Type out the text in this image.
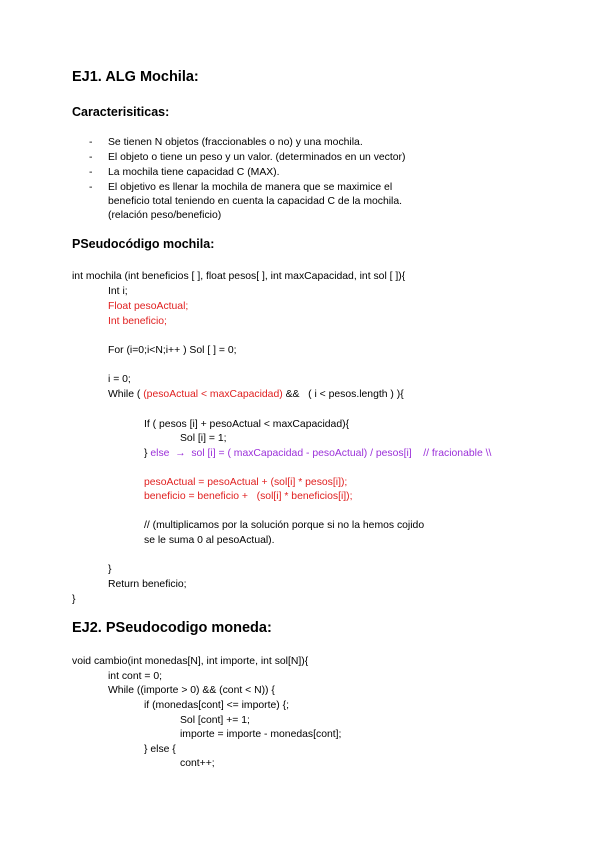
EJ1. ALG Mochila:
Caracterisiticas:
- Se tienen N objetos (fraccionables o no) y una mochila.
- El objeto o tiene un peso y un valor. (determinados en un vector)
- La mochila tiene capacidad C (MAX).
- El objetivo es llenar la mochila de manera que se maximice el
beneficio total teniendo en cuenta la capacidad C de la mochila.
(relación peso/beneficio)
PSeudocódigo mochila:
int mochila (int beneficios [ ], float pesos[ ], int maxCapacidad, int sol [ ]){
Int i;
Float pesoActual;
Int beneficio;
For (i=0;i<N;i++ ) Sol [ ] = 0;
i = 0;
While ( (pesoActual < maxCapacidad) &&   ( i < pesos.length ) ){
If ( pesos [i] + pesoActual < maxCapacidad){
Sol [i] = 1;
} else  →  sol [i] = ( maxCapacidad - pesoActual) / pesos[i]    // fracionable \\
pesoActual = pesoActual + (sol[i] * pesos[i]);
beneficio = beneficio +   (sol[i] * beneficios[i]);
// (multiplicamos por la solución porque si no la hemos cojido
se le suma 0 al pesoActual).
}
Return beneficio;
}
EJ2. PSeudocodigo moneda:
void cambio(int monedas[N], int importe, int sol[N]){
int cont = 0;
While ((importe > 0) && (cont < N)) {
if (monedas[cont] <= importe) {;
Sol [cont] += 1;
importe = importe - monedas[cont];
} else {
cont++;
